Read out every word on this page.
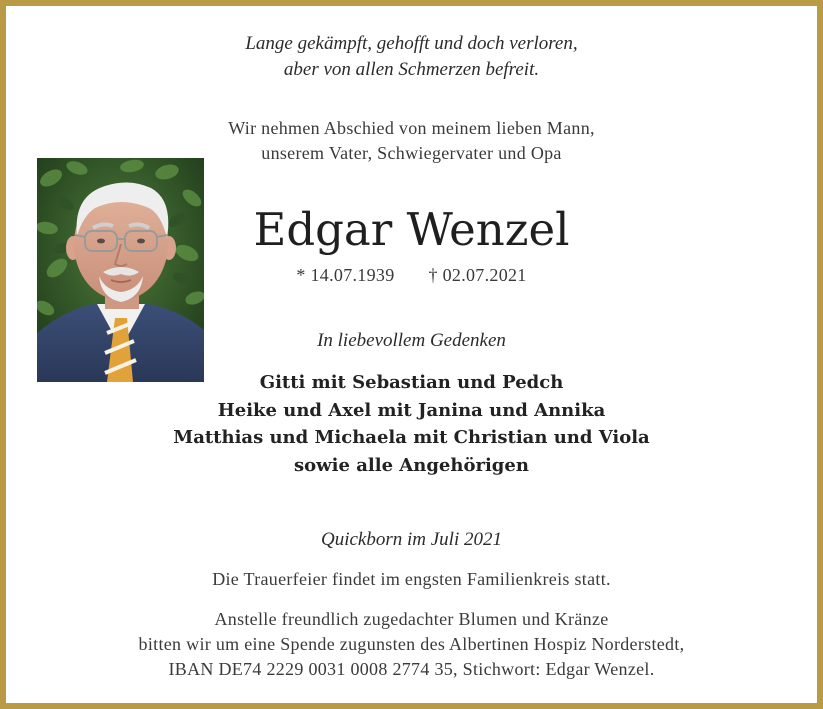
Lange gekämpft, gehofft und doch verloren,
aber von allen Schmerzen befreit.
Wir nehmen Abschied von meinem lieben Mann,
unserem Vater, Schwiegervater und Opa
Edgar Wenzel
* 14.07.1939 † 02.07.2021
In liebevollem Gedenken
Gitti mit Sebastian und Pedch
Heike und Axel mit Janina und Annika
Matthias und Michaela mit Christian und Viola
sowie alle Angehörigen
Quickborn im Juli 2021
Die Trauerfeier findet im engsten Familienkreis statt.
Anstelle freundlich zugedachter Blumen und Kränze
bitten wir um eine Spende zugunsten des Albertinen Hospiz Norderstedt,
IBAN DE74 2229 0031 0008 2774 35, Stichwort: Edgar Wenzel.
